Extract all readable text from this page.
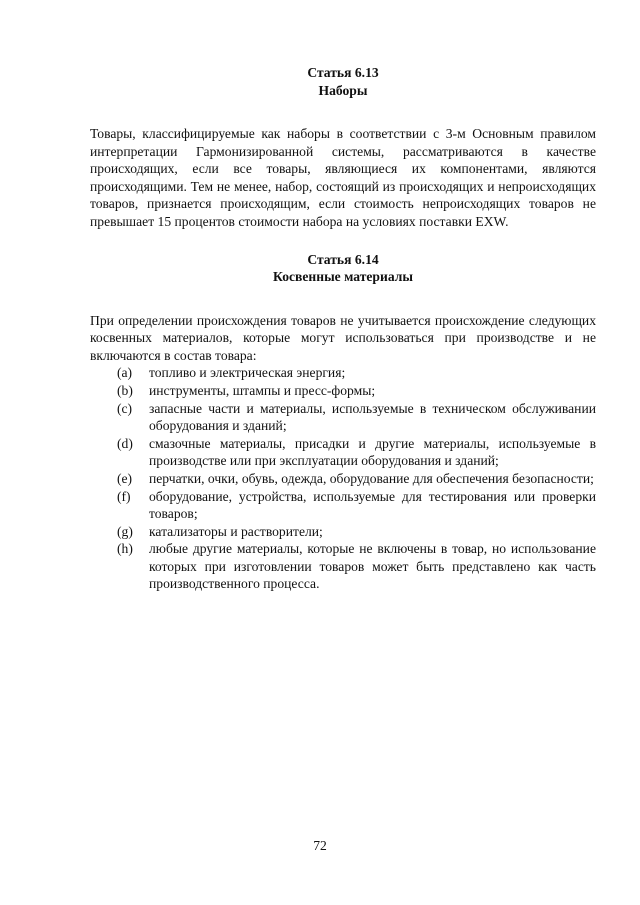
Статья 6.13
Наборы

Товары, классифицируемые как наборы в соответствии с 3-м Основным правилом интерпретации Гармонизированной системы, рассматриваются в качестве происходящих, если все товары, являющиеся их компонентами, являются происходящими. Тем не менее, набор, состоящий из происходящих и непроисходящих товаров, признается происходящим, если стоимость непроисходящих товаров не превышает 15 процентов стоимости набора на условиях поставки EXW.

Статья 6.14
Косвенные материалы

При определении происхождения товаров не учитывается происхождение следующих косвенных материалов, которые могут использоваться при производстве и не включаются в состав товара:

(a)	топливо и электрическая энергия;
(b)	инструменты, штампы и пресс-формы;
(c)	запасные части и материалы, используемые в техническом обслуживании оборудования и зданий;
(d)	смазочные материалы, присадки и другие материалы, используемые в производстве или при эксплуатации оборудования и зданий;
(e)	перчатки, очки, обувь, одежда, оборудование для обеспечения безопасности;
(f)	оборудование, устройства, используемые для тестирования или проверки товаров;
(g)	катализаторы и растворители;
(h)	любые другие материалы, которые не включены в товар, но использование которых при изготовлении товаров может быть представлено как часть производственного процесса.
72
